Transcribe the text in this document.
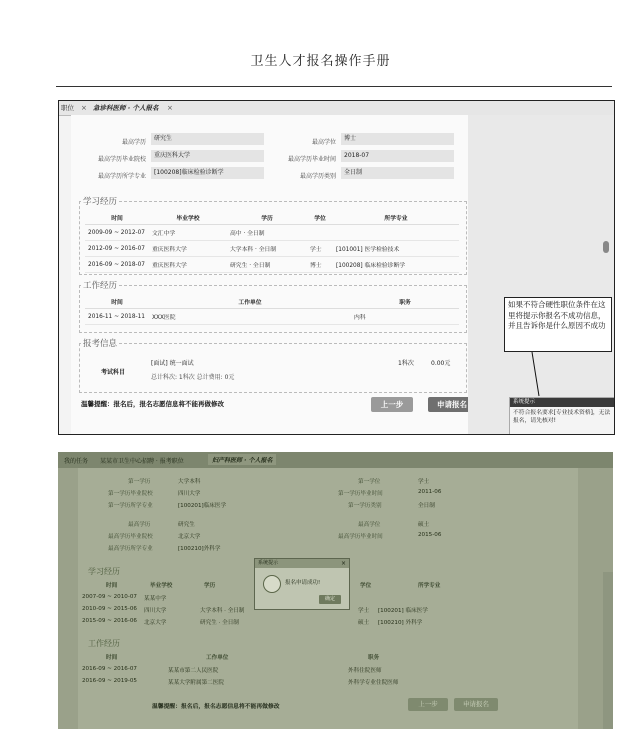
卫生人才报名操作手册
职位 × 急诊科医师 · 个人报名 ×
最高学历
研究生
最高学位
博士
最高学历毕业院校
重庆医科大学
最高学历毕业时间
2018-07
最高学历所学专业
[100208]临床检验诊断学
最高学历类别
全日制
学习经历
时间	毕业学校	学历	学位	所学专业
2009-09 ~ 2012-07	文汇中学	高中 · 全日制		
2012-09 ~ 2016-07	重庆医科大学	大学本科 · 全日制	学士	[101001] 医学检验技术
2016-09 ~ 2018-07	重庆医科大学	研究生 · 全日制	博士	[100208] 临床检验诊断学
工作经历
时间	工作单位	职务
2016-11 ~ 2018-11	XXX医院	内科
报考信息
考试科目
[面试] 统一面试
总计科次: 1科次 总计费用: 0元
1科次	0.00元
温馨提醒：报名后，报名志愿信息将不能再做修改	上一步	申请报名
如果不符合硬性职位条件在这里将提示你报名不成功信息，并且告诉你是什么原因不成功
系统提示
不符合报名要求[专业技术资格]，无法报名，请先核对!
我的任务 某某市卫生中心招聘 · 报考职位	妇产科医师 · 个人报名
第一学历	大学本科	第一学位	学士
第一学历毕业院校	四川大学	第一学历毕业时间	2011-06
第一学历所学专业	[100201]临床医学	第一学历类别	全日制
最高学历	研究生	最高学位	硕士
最高学历毕业院校	北京大学	最高学历毕业时间	2015-06
最高学历所学专业	[100210]外科学
学习经历
时间	毕业学校	学历	学位	所学专业
2007-09 ~ 2010-07 某某中学
2010-09 ~ 2015-06 四川大学	大学本科 · 全日制	学士 [100201] 临床医学
2015-09 ~ 2016-06 北京大学	研究生 · 全日制	硕士 [100210] 外科学
工作经历
时间	工作单位	职务
2016-09 ~ 2016-07	某某市第二人民医院	外科住院医师
2016-09 ~ 2019-05	某某大学附属第二医院	外科学专业住院医师
系统提示	×
报名申请成功!
确定
温馨提醒：报名后，报名志愿信息将不能再做修改	上一步	申请报名
